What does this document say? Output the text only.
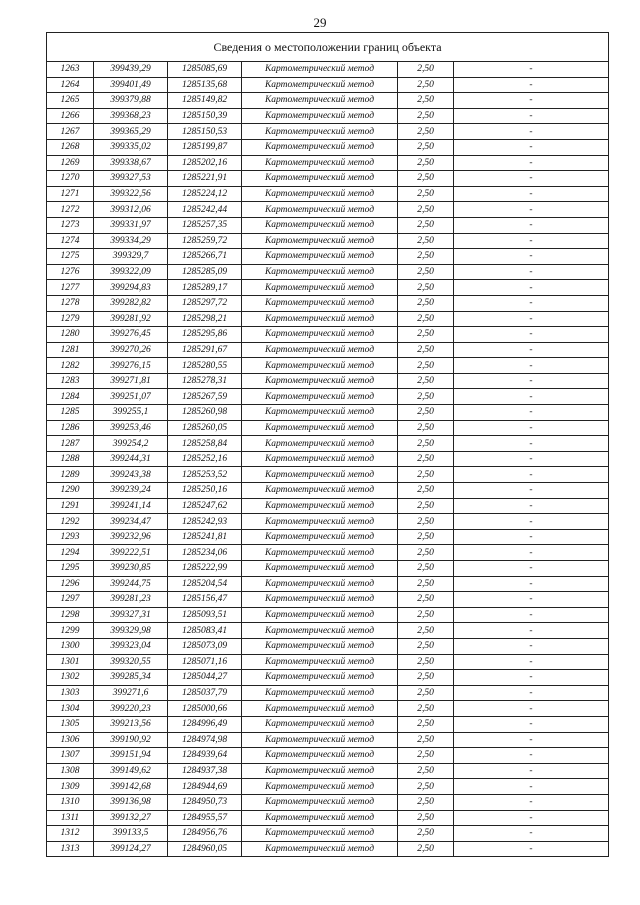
29
Сведения о местоположении границ объекта					
1263	399439,29	1285085,69	Картометрический метод	2,50	-
1264	399401,49	1285135,68	Картометрический метод	2,50	-
1265	399379,88	1285149,82	Картометрический метод	2,50	-
1266	399368,23	1285150,39	Картометрический метод	2,50	-
1267	399365,29	1285150,53	Картометрический метод	2,50	-
1268	399335,02	1285199,87	Картометрический метод	2,50	-
1269	399338,67	1285202,16	Картометрический метод	2,50	-
1270	399327,53	1285221,91	Картометрический метод	2,50	-
1271	399322,56	1285224,12	Картометрический метод	2,50	-
1272	399312,06	1285242,44	Картометрический метод	2,50	-
1273	399331,97	1285257,35	Картометрический метод	2,50	-
1274	399334,29	1285259,72	Картометрический метод	2,50	-
1275	399329,7	1285266,71	Картометрический метод	2,50	-
1276	399322,09	1285285,09	Картометрический метод	2,50	-
1277	399294,83	1285289,17	Картометрический метод	2,50	-
1278	399282,82	1285297,72	Картометрический метод	2,50	-
1279	399281,92	1285298,21	Картометрический метод	2,50	-
1280	399276,45	1285295,86	Картометрический метод	2,50	-
1281	399270,26	1285291,67	Картометрический метод	2,50	-
1282	399276,15	1285280,55	Картометрический метод	2,50	-
1283	399271,81	1285278,31	Картометрический метод	2,50	-
1284	399251,07	1285267,59	Картометрический метод	2,50	-
1285	399255,1	1285260,98	Картометрический метод	2,50	-
1286	399253,46	1285260,05	Картометрический метод	2,50	-
1287	399254,2	1285258,84	Картометрический метод	2,50	-
1288	399244,31	1285252,16	Картометрический метод	2,50	-
1289	399243,38	1285253,52	Картометрический метод	2,50	-
1290	399239,24	1285250,16	Картометрический метод	2,50	-
1291	399241,14	1285247,62	Картометрический метод	2,50	-
1292	399234,47	1285242,93	Картометрический метод	2,50	-
1293	399232,96	1285241,81	Картометрический метод	2,50	-
1294	399222,51	1285234,06	Картометрический метод	2,50	-
1295	399230,85	1285222,99	Картометрический метод	2,50	-
1296	399244,75	1285204,54	Картометрический метод	2,50	-
1297	399281,23	1285156,47	Картометрический метод	2,50	-
1298	399327,31	1285093,51	Картометрический метод	2,50	-
1299	399329,98	1285083,41	Картометрический метод	2,50	-
1300	399323,04	1285073,09	Картометрический метод	2,50	-
1301	399320,55	1285071,16	Картометрический метод	2,50	-
1302	399285,34	1285044,27	Картометрический метод	2,50	-
1303	399271,6	1285037,79	Картометрический метод	2,50	-
1304	399220,23	1285000,66	Картометрический метод	2,50	-
1305	399213,56	1284996,49	Картометрический метод	2,50	-
1306	399190,92	1284974,98	Картометрический метод	2,50	-
1307	399151,94	1284939,64	Картометрический метод	2,50	-
1308	399149,62	1284937,38	Картометрический метод	2,50	-
1309	399142,68	1284944,69	Картометрический метод	2,50	-
1310	399136,98	1284950,73	Картометрический метод	2,50	-
1311	399132,27	1284955,57	Картометрический метод	2,50	-
1312	399133,5	1284956,76	Картометрический метод	2,50	-
1313	399124,27	1284960,05	Картометрический метод	2,50	-
